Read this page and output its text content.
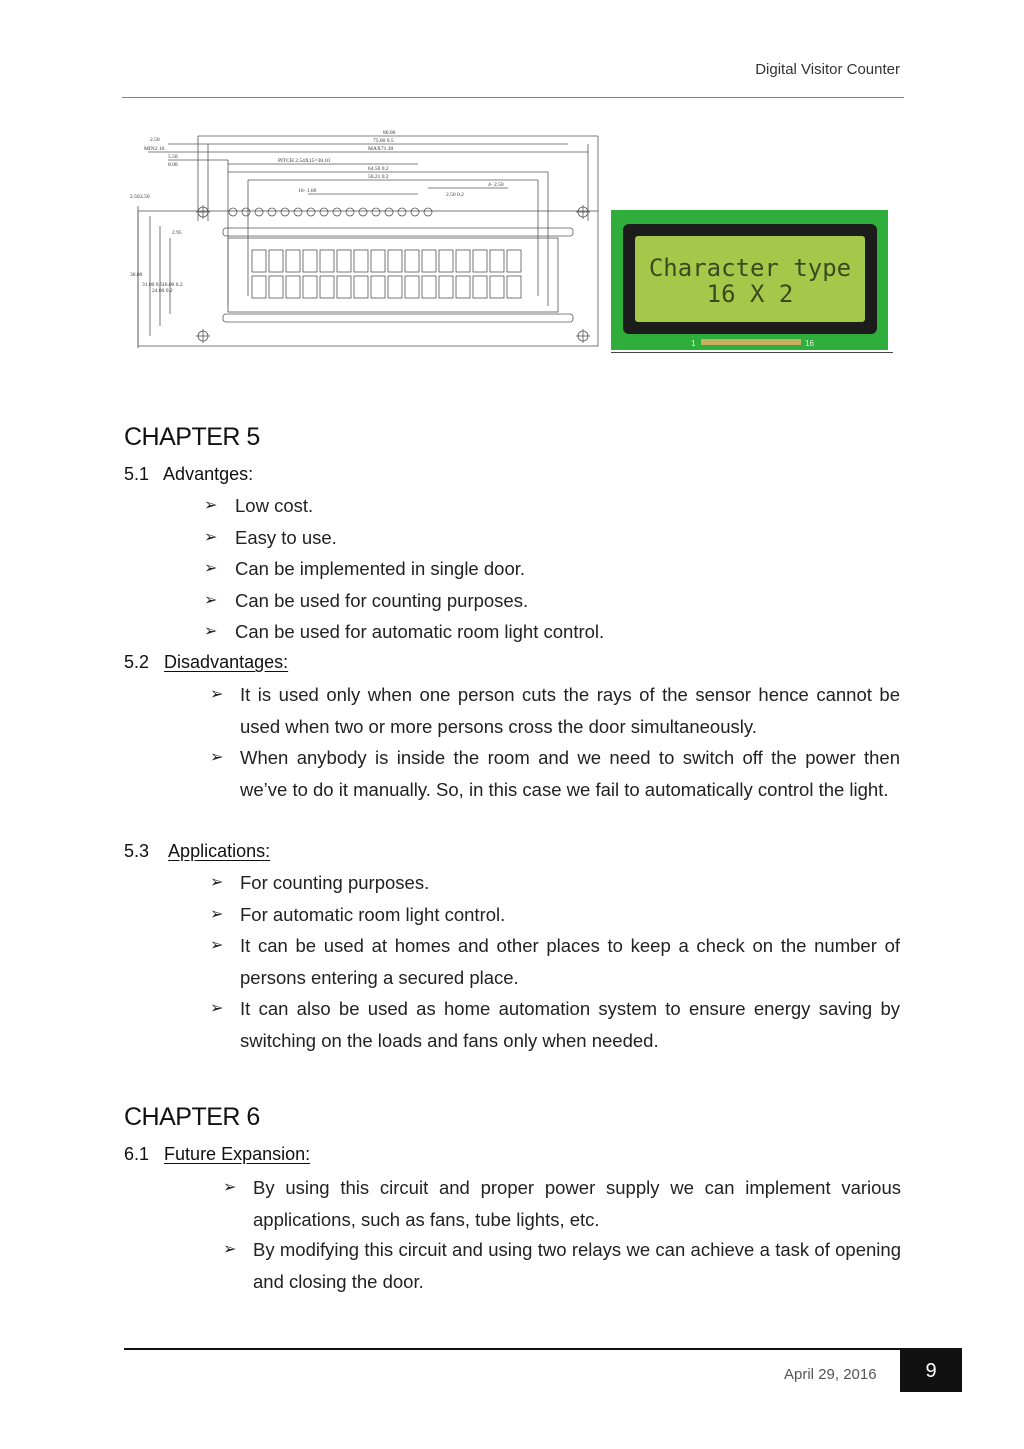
Digital Visitor Counter
80.00
75.00 0.5
2.50
MIN2.10	MAX71.30
5.50
8.00
PITCH 2.54X15=38.10
64.50 0.2
56.21 0.2
16- 1.00
2.50 0.2
4- 2.50
36.00
31.00 0.5
24.00 0.2
16.00 0.2
2.95
2.50 2.50
Character type
16 X 2
1	16
CHAPTER 5
5.1 Advantges:
➢ Low cost.
➢ Easy to use.
➢ Can be implemented in single door.
➢ Can be used for counting purposes.
➢ Can be used for automatic room light control.
5.2 Disadvantages:
➢ It is used only when one person cuts the rays of the sensor hence cannot be used when two or more persons cross the door simultaneously.
➢ When anybody is inside the room and we need to switch off the power then we’ve to do it manually. So, in this case we fail to automatically control the light.
5.3 Applications:
➢ For counting purposes.
➢ For automatic room light control.
➢ It can be used at homes and other places to keep a check on the number of persons entering a secured place.
➢ It can also be used as home automation system to ensure energy saving by switching on the loads and fans only when needed.
CHAPTER 6
6.1 Future Expansion:
➢ By using this circuit and proper power supply we can implement various applications, such as fans, tube lights, etc.
➢ By modifying this circuit and using two relays we can achieve a task of opening and closing the door.
April 29, 2016	9
